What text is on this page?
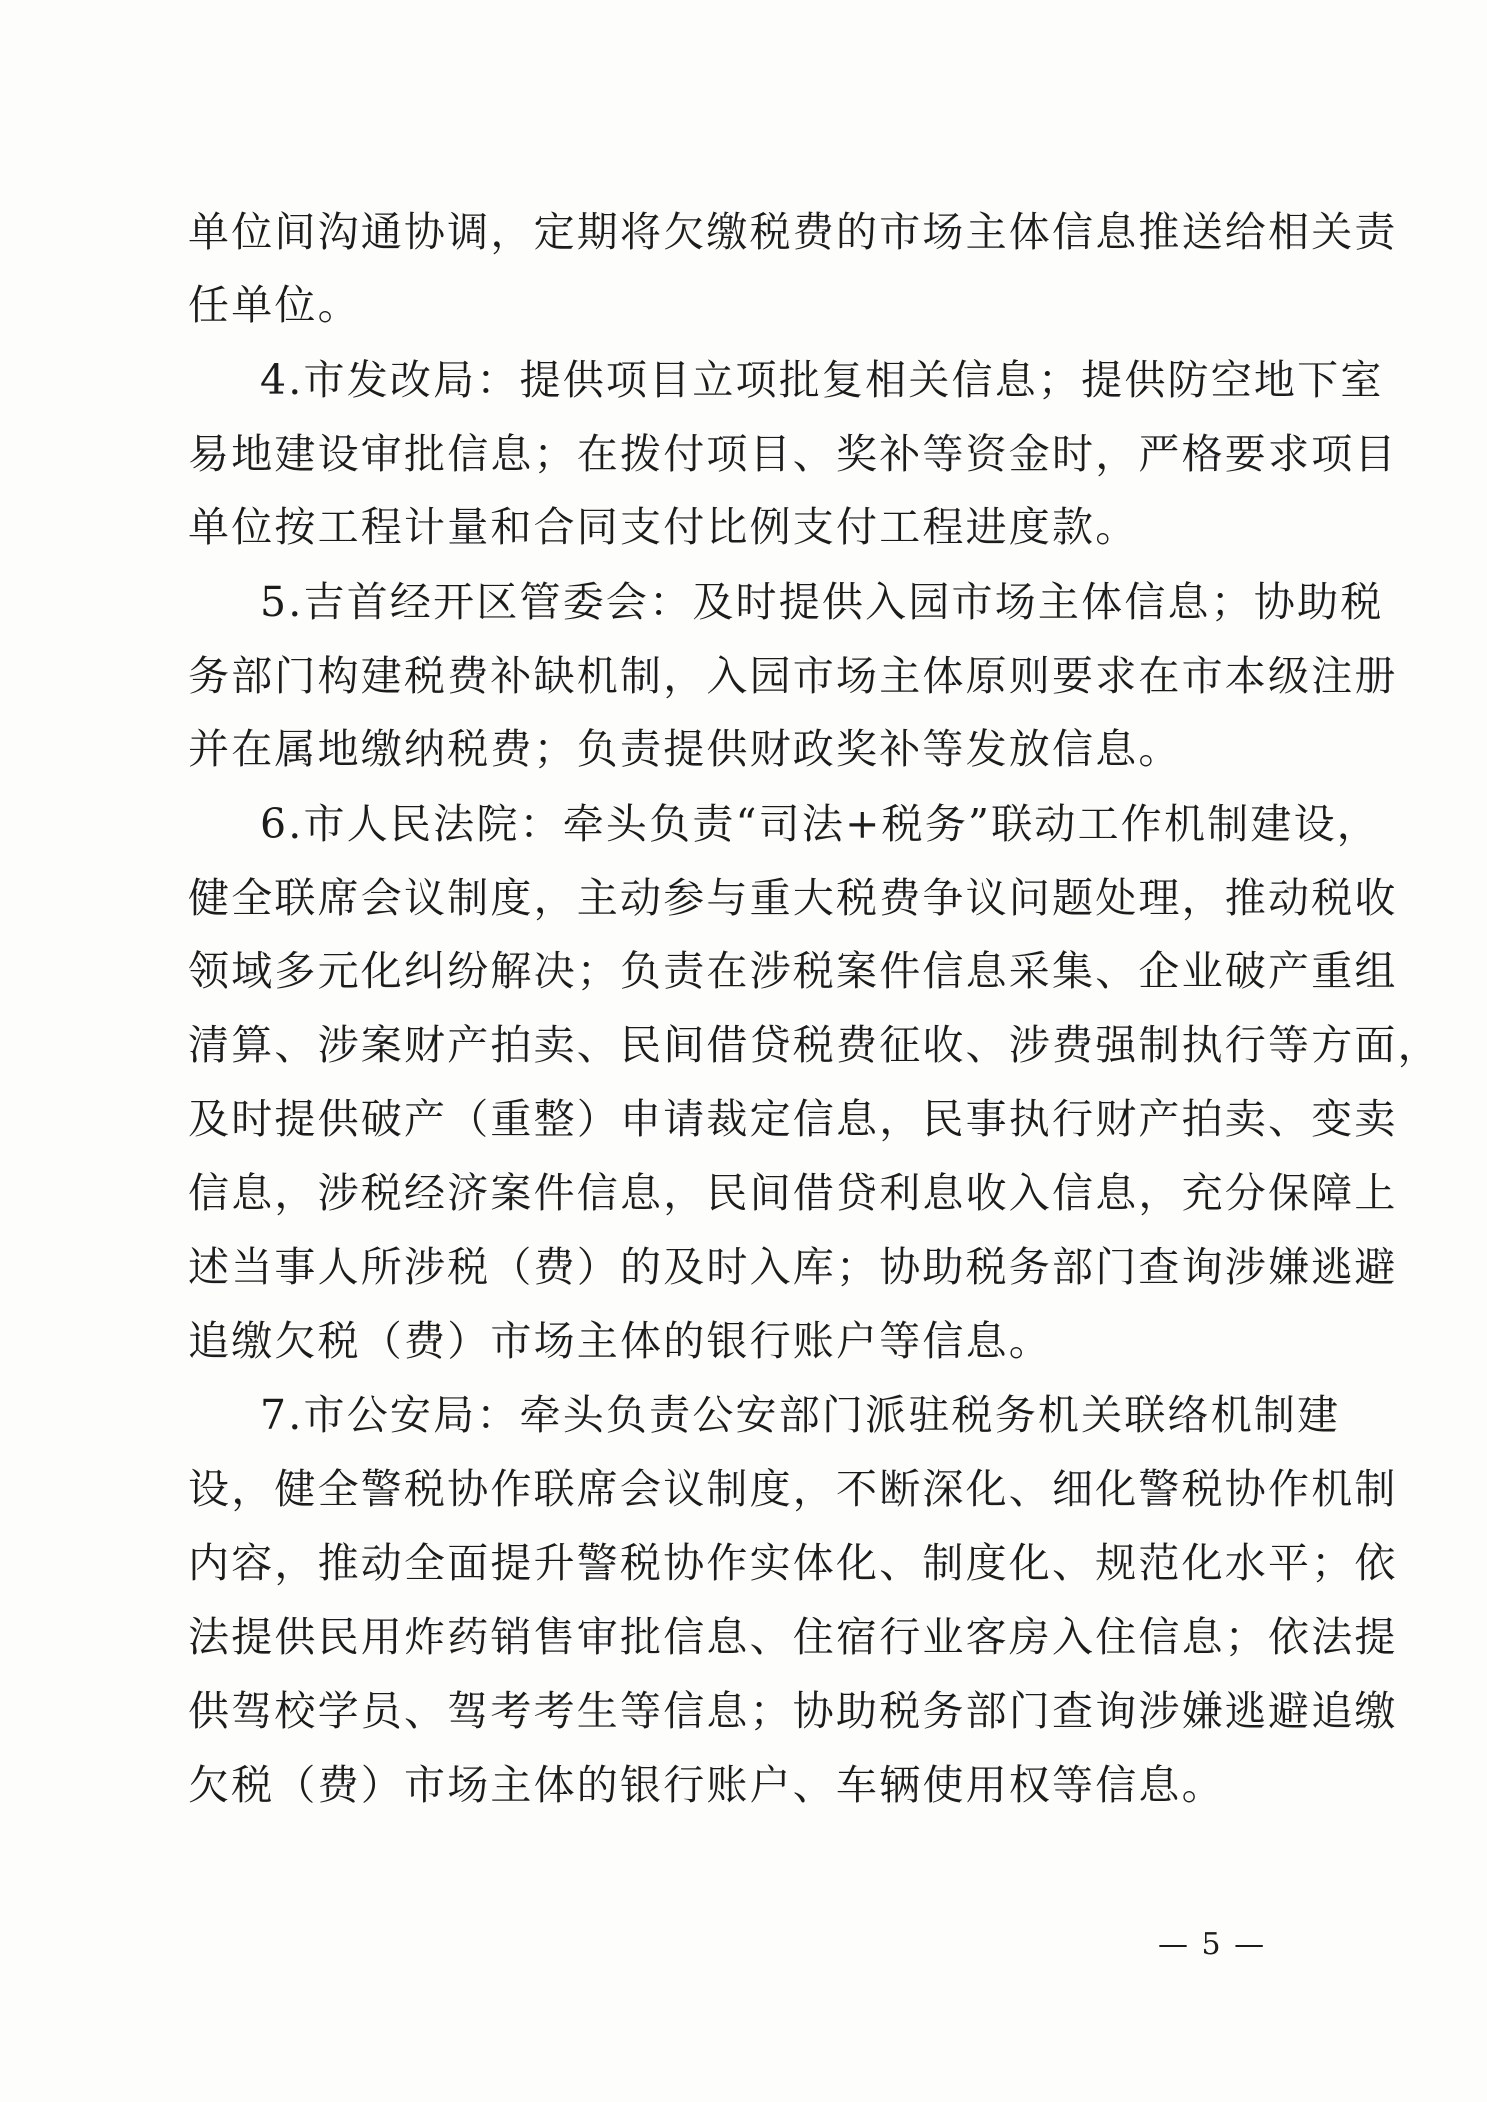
单位间沟通协调，定期将欠缴税费的市场主体信息推送给相关责
任单位。
4.市发改局：提供项目立项批复相关信息；提供防空地下室
易地建设审批信息；在拨付项目、奖补等资金时，严格要求项目
单位按工程计量和合同支付比例支付工程进度款。
5.吉首经开区管委会：及时提供入园市场主体信息；协助税
务部门构建税费补缺机制，入园市场主体原则要求在市本级注册
并在属地缴纳税费；负责提供财政奖补等发放信息。
6.市人民法院：牵头负责“司法+税务”联动工作机制建设，
健全联席会议制度，主动参与重大税费争议问题处理，推动税收
领域多元化纠纷解决；负责在涉税案件信息采集、企业破产重组
清算、涉案财产拍卖、民间借贷税费征收、涉费强制执行等方面，
及时提供破产（重整）申请裁定信息，民事执行财产拍卖、变卖
信息，涉税经济案件信息，民间借贷利息收入信息，充分保障上
述当事人所涉税（费）的及时入库；协助税务部门查询涉嫌逃避
追缴欠税（费）市场主体的银行账户等信息。
7.市公安局：牵头负责公安部门派驻税务机关联络机制建
设，健全警税协作联席会议制度，不断深化、细化警税协作机制
内容，推动全面提升警税协作实体化、制度化、规范化水平；依
法提供民用炸药销售审批信息、住宿行业客房入住信息；依法提
供驾校学员、驾考考生等信息；协助税务部门查询涉嫌逃避追缴
欠税（费）市场主体的银行账户、车辆使用权等信息。
— 5 —
